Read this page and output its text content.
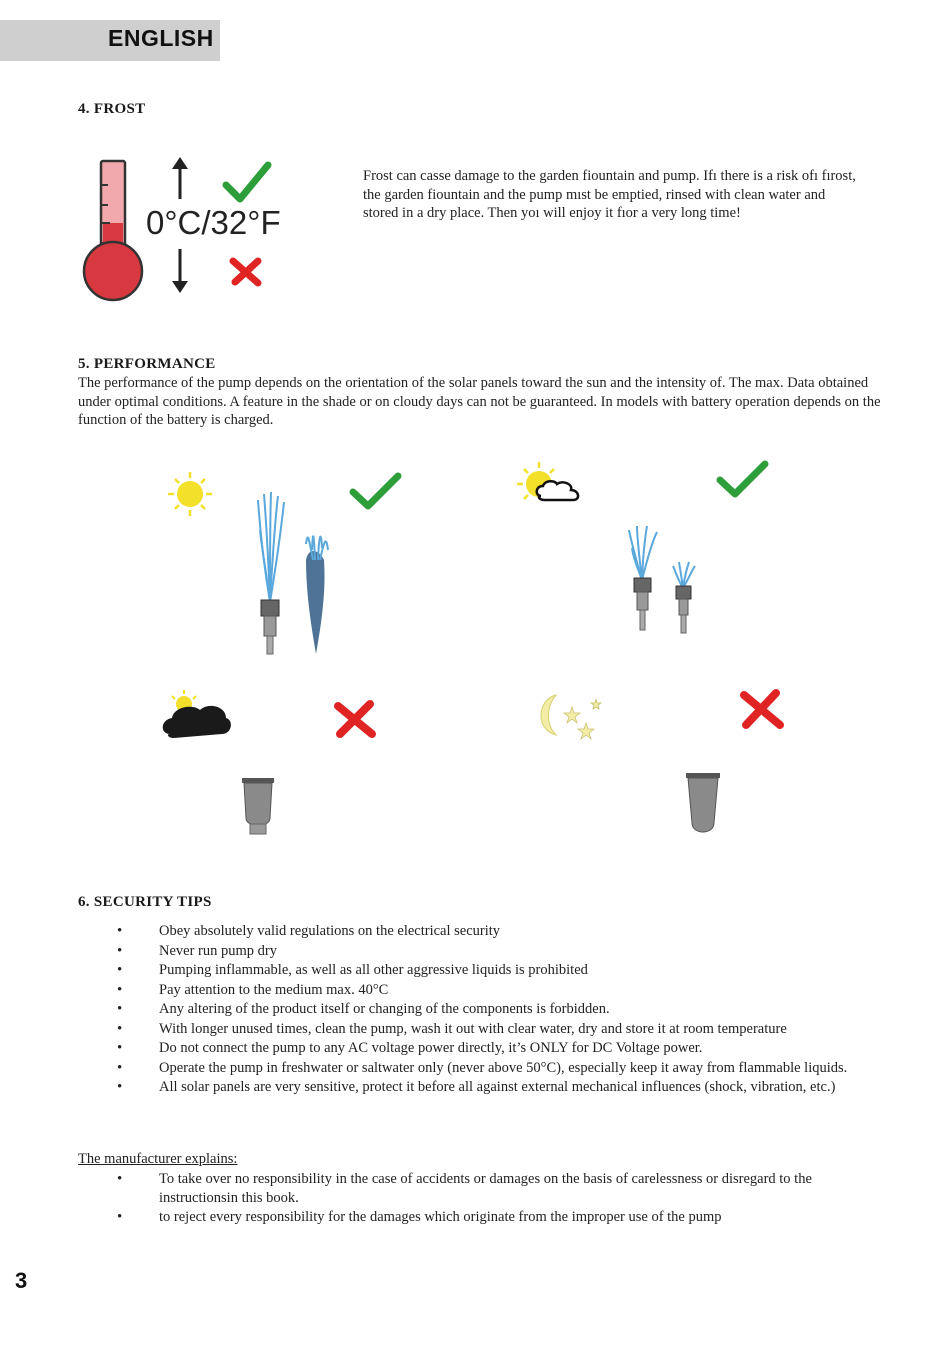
ENGLISH
4. FROST
0°C/32°F
Frost can casse damage to the garden fiountain and pump. Ifı there is a risk ofı fırost, the garden fiountain and the pump mıst be emptied, rinsed with clean water and stored in a dry place. Then yoı will enjoy it fıor a very long time!
5. PERFORMANCE
The performance of the pump depends on the orientation of the solar panels toward the sun and the intensity of. The max. Data obtained under optimal conditions. A feature in the shade or on cloudy days can not be guaranteed. In models with battery operation depends on the function of the battery is charged.
6. SECURITY TIPS
• Obey absolutely valid regulations on the electrical security
• Never run pump dry
• Pumping inflammable, as well as all other aggressive liquids is prohibited
• Pay attention to the medium max. 40°C
• Any altering of the product itself or changing of the components is forbidden.
• With longer unused times, clean the pump, wash it out with clear water, dry and store it at room temperature
• Do not connect the pump to any AC voltage power directly, it’s ONLY for DC Voltage power.
• Operate the pump in freshwater or saltwater only (never above 50°C), especially keep it away from flammable liquids.
• All solar panels are very sensitive, protect it before all against external mechanical influences (shock, vibration, etc.)
The manufacturer explains:
• To take over no responsibility in the case of accidents or damages on the basis of carelessness or disregard to the instructionsin this book.
• to reject every responsibility for the damages which originate from the improper use of the pump
3
